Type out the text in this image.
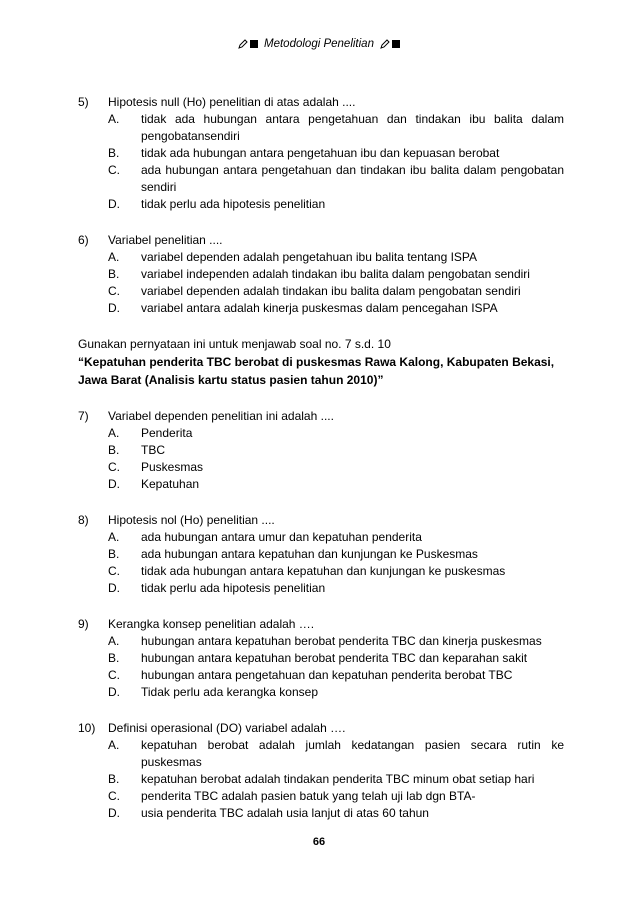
Metodologi Penelitian
5)	Hipotesis null (Ho) penelitian di atas adalah ....
A.	tidak ada hubungan antara pengetahuan dan tindakan ibu balita dalam pengobatansendiri
B.	tidak ada hubungan antara pengetahuan ibu dan kepuasan berobat
C.	ada hubungan antara pengetahuan dan tindakan ibu balita dalam pengobatan sendiri
D.	tidak perlu ada hipotesis penelitian
6)	Variabel penelitian ....
A.	variabel dependen adalah pengetahuan ibu balita tentang ISPA
B.	variabel independen adalah tindakan ibu balita dalam pengobatan sendiri
C.	variabel dependen adalah tindakan ibu balita dalam pengobatan sendiri
D.	variabel antara adalah kinerja puskesmas dalam pencegahan ISPA
Gunakan pernyataan ini untuk menjawab soal no. 7 s.d. 10
“Kepatuhan penderita TBC berobat di puskesmas Rawa Kalong, Kabupaten Bekasi, Jawa Barat (Analisis kartu status pasien tahun 2010)”
7)	Variabel dependen penelitian ini adalah ....
A.	Penderita
B.	TBC
C.	Puskesmas
D.	Kepatuhan
8)	Hipotesis nol (Ho) penelitian ....
A.	ada hubungan antara umur dan kepatuhan penderita
B.	ada hubungan antara kepatuhan dan kunjungan ke Puskesmas
C.	tidak ada hubungan antara kepatuhan dan kunjungan ke puskesmas
D.	tidak perlu ada hipotesis penelitian
9)	Kerangka konsep penelitian adalah ….
A.	hubungan antara kepatuhan berobat penderita TBC dan kinerja puskesmas
B.	hubungan antara kepatuhan berobat penderita TBC dan keparahan sakit
C.	hubungan antara pengetahuan dan kepatuhan penderita berobat TBC
D.	Tidak perlu ada kerangka konsep
10)	Definisi operasional (DO) variabel adalah ….
A.	kepatuhan berobat adalah jumlah kedatangan pasien secara rutin ke puskesmas
B.	kepatuhan berobat adalah tindakan penderita TBC minum obat setiap hari
C.	penderita TBC adalah pasien batuk yang telah uji lab dgn BTA-
D.	usia penderita TBC adalah usia lanjut di atas 60 tahun
66
